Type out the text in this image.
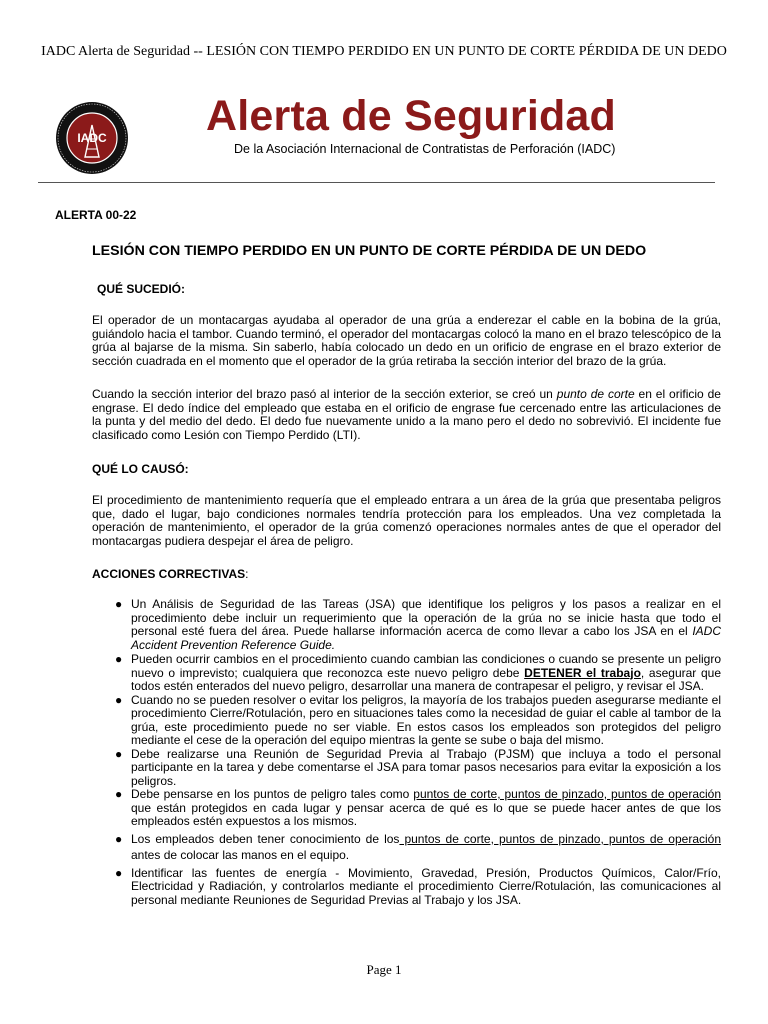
IADC Alerta de Seguridad -- LESIÓN CON TIEMPO PERDIDO EN UN PUNTO DE CORTE PÉRDIDA DE UN DEDO
IADC Alerta de Seguridad
De la Asociación Internacional de Contratistas de Perforación (IADC)
ALERTA 00-22
LESIÓN CON TIEMPO PERDIDO EN UN PUNTO DE CORTE PÉRDIDA DE UN DEDO
QUÉ SUCEDIÓ:

El operador de un montacargas ayudaba al operador de una grúa a enderezar el cable en la bobina de la grúa, guiándolo hacia el tambor. Cuando terminó, el operador del montacargas colocó la mano en el brazo telescópico de la grúa al bajarse de la misma. Sin saberlo, había colocado un dedo en un orificio de engrase en el brazo exterior de sección cuadrada en el momento que el operador de la grúa retiraba la sección interior del brazo de la grúa.

Cuando la sección interior del brazo pasó al interior de la sección exterior, se creó un punto de corte en el orificio de engrase. El dedo índice del empleado que estaba en el orificio de engrase fue cercenado entre las articulaciones de la punta y del medio del dedo. El dedo fue nuevamente unido a la mano pero el dedo no sobrevivió. El incidente fue clasificado como Lesión con Tiempo Perdido (LTI).

QUÉ LO CAUSÓ:

El procedimiento de mantenimiento requería que el empleado entrara a un área de la grúa que presentaba peligros que, dado el lugar, bajo condiciones normales tendría protección para los empleados. Una vez completada la operación de mantenimiento, el operador de la grúa comenzó operaciones normales antes de que el operador del montacargas pudiera despejar el área de peligro.

ACCIONES CORRECTIVAS:
● Un Análisis de Seguridad de las Tareas (JSA) que identifique los peligros y los pasos a realizar en el procedimiento debe incluir un requerimiento que la operación de la grúa no se inicie hasta que todo el personal esté fuera del área. Puede hallarse información acerca de como llevar a cabo los JSA en el IADC Accident Prevention Reference Guide.
● Pueden ocurrir cambios en el procedimiento cuando cambian las condiciones o cuando se presente un peligro nuevo o imprevisto; cualquiera que reconozca este nuevo peligro debe DETENER el trabajo, asegurar que todos estén enterados del nuevo peligro, desarrollar una manera de contrapesar el peligro, y revisar el JSA.
● Cuando no se pueden resolver o evitar los peligros, la mayoría de los trabajos pueden asegurarse mediante el procedimiento Cierre/Rotulación, pero en situaciones tales como la necesidad de guiar el cable al tambor de la grúa, este procedimiento puede no ser viable. En estos casos los empleados son protegidos del peligro mediante el cese de la operación del equipo mientras la gente se sube o baja del mismo.
● Debe realizarse una Reunión de Seguridad Previa al Trabajo (PJSM) que incluya a todo el personal participante en la tarea y debe comentarse el JSA para tomar pasos necesarios para evitar la exposición a los peligros.
● Debe pensarse en los puntos de peligro tales como puntos de corte, puntos de pinzado, puntos de operación que están protegidos en cada lugar y pensar acerca de qué es lo que se puede hacer antes de que los empleados estén expuestos a los mismos.
● Los empleados deben tener conocimiento de los puntos de corte, puntos de pinzado, puntos de operación antes de colocar las manos en el equipo.
● Identificar las fuentes de energía - Movimiento, Gravedad, Presión, Productos Químicos, Calor/Frío, Electricidad y Radiación, y controlarlos mediante el procedimiento Cierre/Rotulación, las comunicaciones al personal mediante Reuniones de Seguridad Previas al Trabajo y los JSA.
Page 1
